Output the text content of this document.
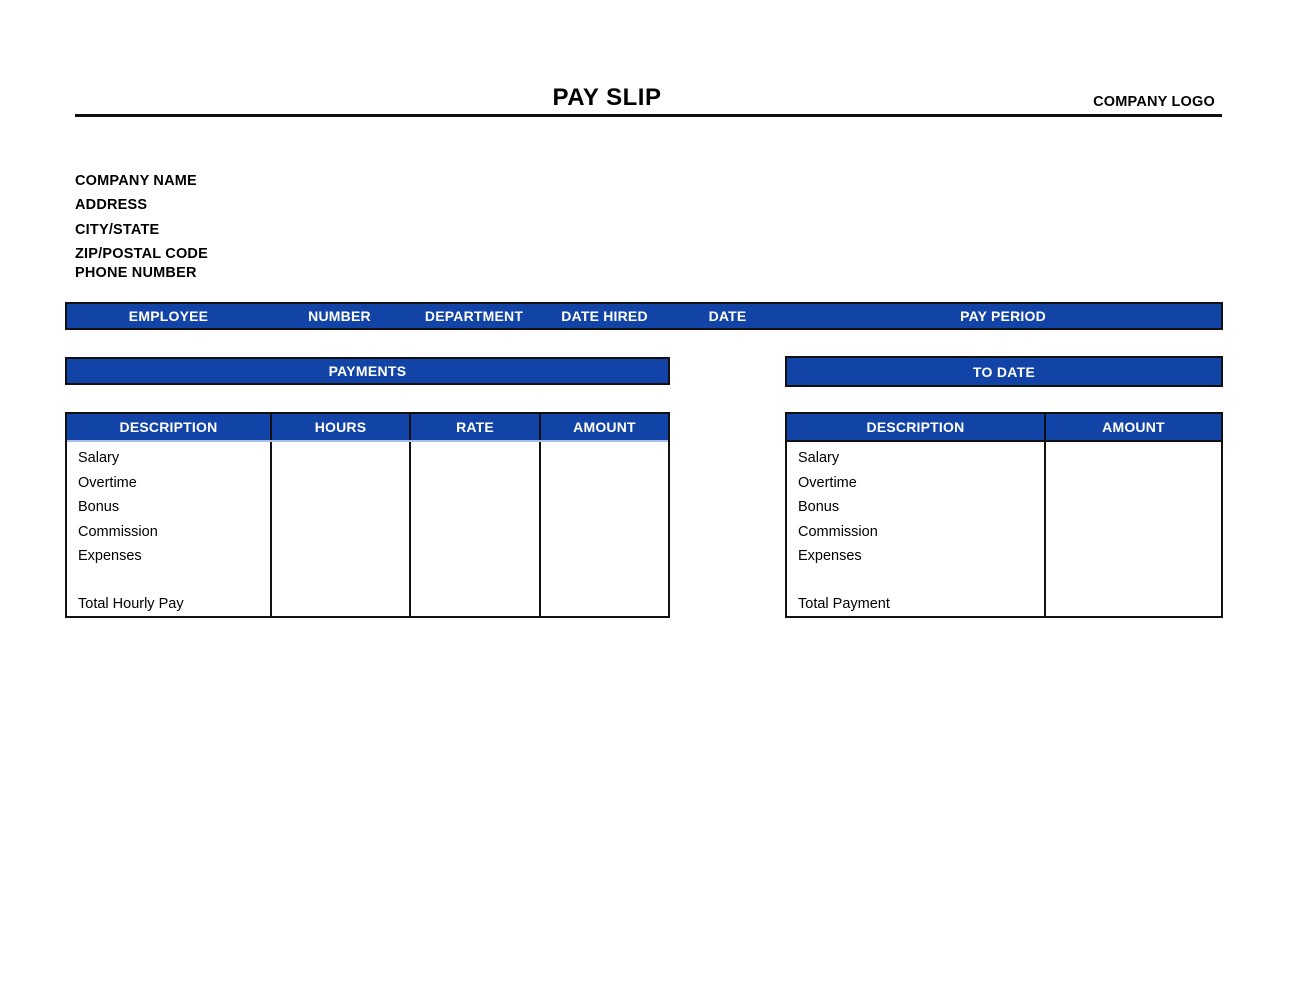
PAY SLIP	COMPANY LOGO
COMPANY NAME
ADDRESS
CITY/STATE
ZIP/POSTAL CODE
PHONE NUMBER
EMPLOYEE	NUMBER	DEPARTMENT	DATE HIRED	DATE	PAY PERIOD
PAYMENTS	TO DATE
DESCRIPTION	HOURS	RATE	AMOUNT
Salary
Overtime
Bonus
Commission
Expenses
Total Hourly Pay
DESCRIPTION	AMOUNT
Salary
Overtime
Bonus
Commission
Expenses
Total Payment
